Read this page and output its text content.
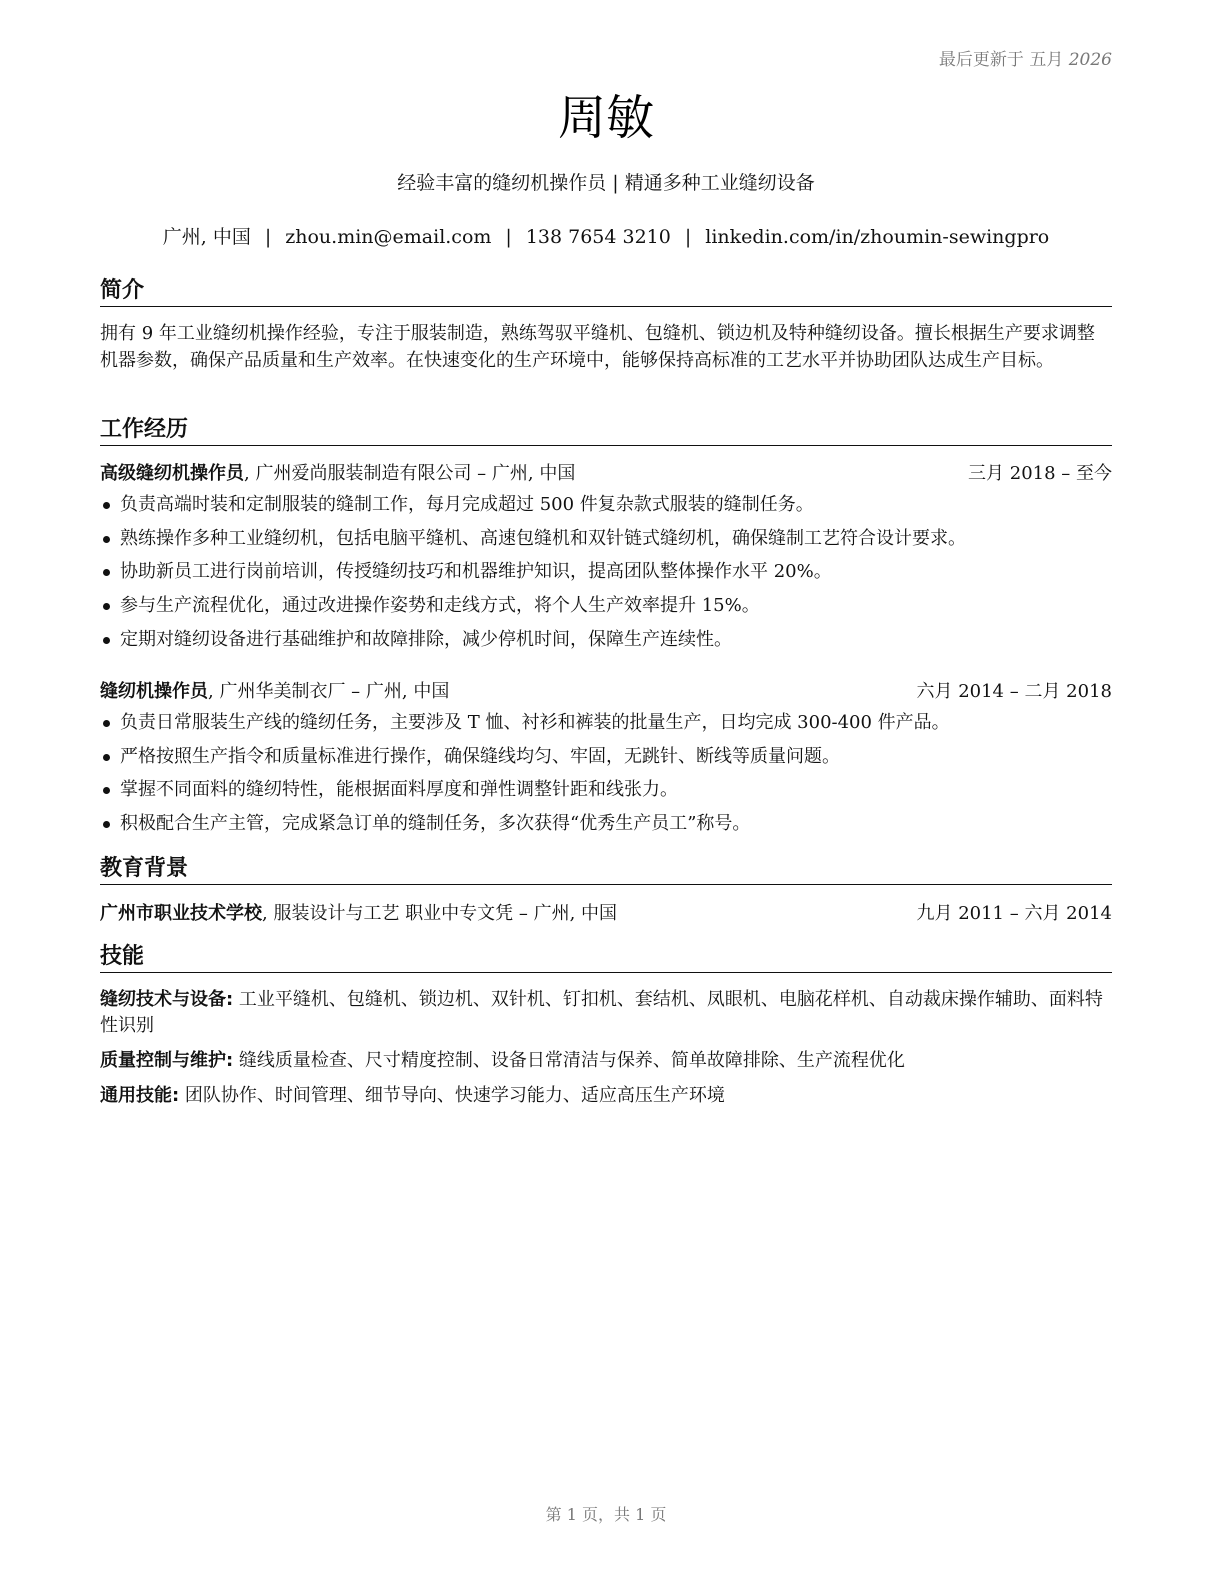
最后更新于 五月 2026
周敏
经验丰富的缝纫机操作员 | 精通多种工业缝纫设备
广州, 中国 | zhou.min@email.com | 138 7654 3210 | linkedin.com/in/zhoumin-sewingpro
简介
拥有 9 年工业缝纫机操作经验，专注于服装制造，熟练驾驭平缝机、包缝机、锁边机及特种缝纫设备。擅长根据生产要求调整机器参数，确保产品质量和生产效率。在快速变化的生产环境中，能够保持高标准的工艺水平并协助团队达成生产目标。
工作经历
高级缝纫机操作员, 广州爱尚服装制造有限公司 – 广州, 中国	三月 2018 – 至今
负责高端时装和定制服装的缝制工作，每月完成超过 500 件复杂款式服装的缝制任务。
熟练操作多种工业缝纫机，包括电脑平缝机、高速包缝机和双针链式缝纫机，确保缝制工艺符合设计要求。
协助新员工进行岗前培训，传授缝纫技巧和机器维护知识，提高团队整体操作水平 20%。
参与生产流程优化，通过改进操作姿势和走线方式，将个人生产效率提升 15%。
定期对缝纫设备进行基础维护和故障排除，减少停机时间，保障生产连续性。
缝纫机操作员, 广州华美制衣厂 – 广州, 中国	六月 2014 – 二月 2018
负责日常服装生产线的缝纫任务，主要涉及 T 恤、衬衫和裤装的批量生产，日均完成 300-400 件产品。
严格按照生产指令和质量标准进行操作，确保缝线均匀、牢固，无跳针、断线等质量问题。
掌握不同面料的缝纫特性，能根据面料厚度和弹性调整针距和线张力。
积极配合生产主管，完成紧急订单的缝制任务，多次获得“优秀生产员工”称号。
教育背景
广州市职业技术学校, 服装设计与工艺 职业中专文凭 – 广州, 中国	九月 2011 – 六月 2014
技能
缝纫技术与设备: 工业平缝机、包缝机、锁边机、双针机、钉扣机、套结机、凤眼机、电脑花样机、自动裁床操作辅助、面料特性识别
质量控制与维护: 缝线质量检查、尺寸精度控制、设备日常清洁与保养、简单故障排除、生产流程优化
通用技能: 团队协作、时间管理、细节导向、快速学习能力、适应高压生产环境
第 1 页，共 1 页
